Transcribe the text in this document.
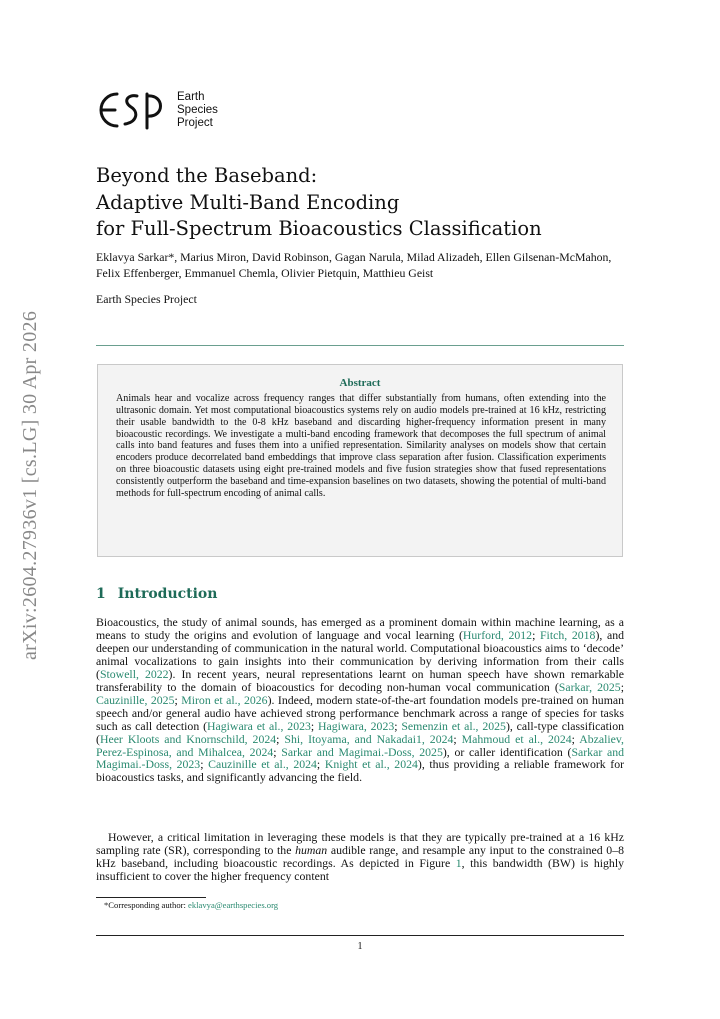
arXiv:2604.27936v1 [cs.LG] 30 Apr 2026
Earth
Species
Project
Beyond the Baseband:
Adaptive Multi-Band Encoding
for Full-Spectrum Bioacoustics Classification
Eklavya Sarkar*, Marius Miron, David Robinson, Gagan Narula, Milad Alizadeh, Ellen Gilsenan-McMahon, Felix Effenberger, Emmanuel Chemla, Olivier Pietquin, Matthieu Geist
Earth Species Project
Abstract
Animals hear and vocalize across frequency ranges that differ substantially from humans, often extending into the ultrasonic domain. Yet most computational bioacoustics systems rely on audio models pre-trained at 16 kHz, restricting their usable bandwidth to the 0-8 kHz baseband and discarding higher-frequency information present in many bioacoustic recordings. We investigate a multi-band encoding framework that decomposes the full spectrum of animal calls into band features and fuses them into a unified representation. Similarity analyses on models show that certain encoders produce decorrelated band embeddings that improve class separation after fusion. Classification experiments on three bioacoustic datasets using eight pre-trained models and five fusion strategies show that fused representations consistently outperform the baseband and time-expansion baselines on two datasets, showing the potential of multi-band methods for full-spectrum encoding of animal calls.
1 Introduction
Bioacoustics, the study of animal sounds, has emerged as a prominent domain within machine learning, as a means to study the origins and evolution of language and vocal learning (Hurford, 2012; Fitch, 2018), and deepen our understanding of communication in the natural world. Computational bioacoustics aims to ‘decode’ animal vocalizations to gain insights into their communication by deriving information from their calls (Stowell, 2022). In recent years, neural representations learnt on human speech have shown remarkable transferability to the domain of bioacoustics for decoding non-human vocal communication (Sarkar, 2025; Cauzinille, 2025; Miron et al., 2026). Indeed, modern state-of-the-art foundation models pre-trained on human speech and/or general audio have achieved strong performance benchmark across a range of species for tasks such as call detection (Hagiwara et al., 2023; Hagiwara, 2023; Semenzin et al., 2025), call-type classification (Heer Kloots and Knornschild, 2024; Shi, Itoyama, and Nakadai1, 2024; Mahmoud et al., 2024; Abzaliev, Perez-Espinosa, and Mihalcea, 2024; Sarkar and Magimai.-Doss, 2025), or caller identification (Sarkar and Magimai.-Doss, 2023; Cauzinille et al., 2024; Knight et al., 2024), thus providing a reliable framework for bioacoustics tasks, and significantly advancing the field.
However, a critical limitation in leveraging these models is that they are typically pre-trained at a 16 kHz sampling rate (SR), corresponding to the human audible range, and resample any input to the constrained 0–8 kHz baseband, including bioacoustic recordings. As depicted in Figure 1, this bandwidth (BW) is highly insufficient to cover the higher frequency content
*Corresponding author: eklavya@earthspecies.org
1
